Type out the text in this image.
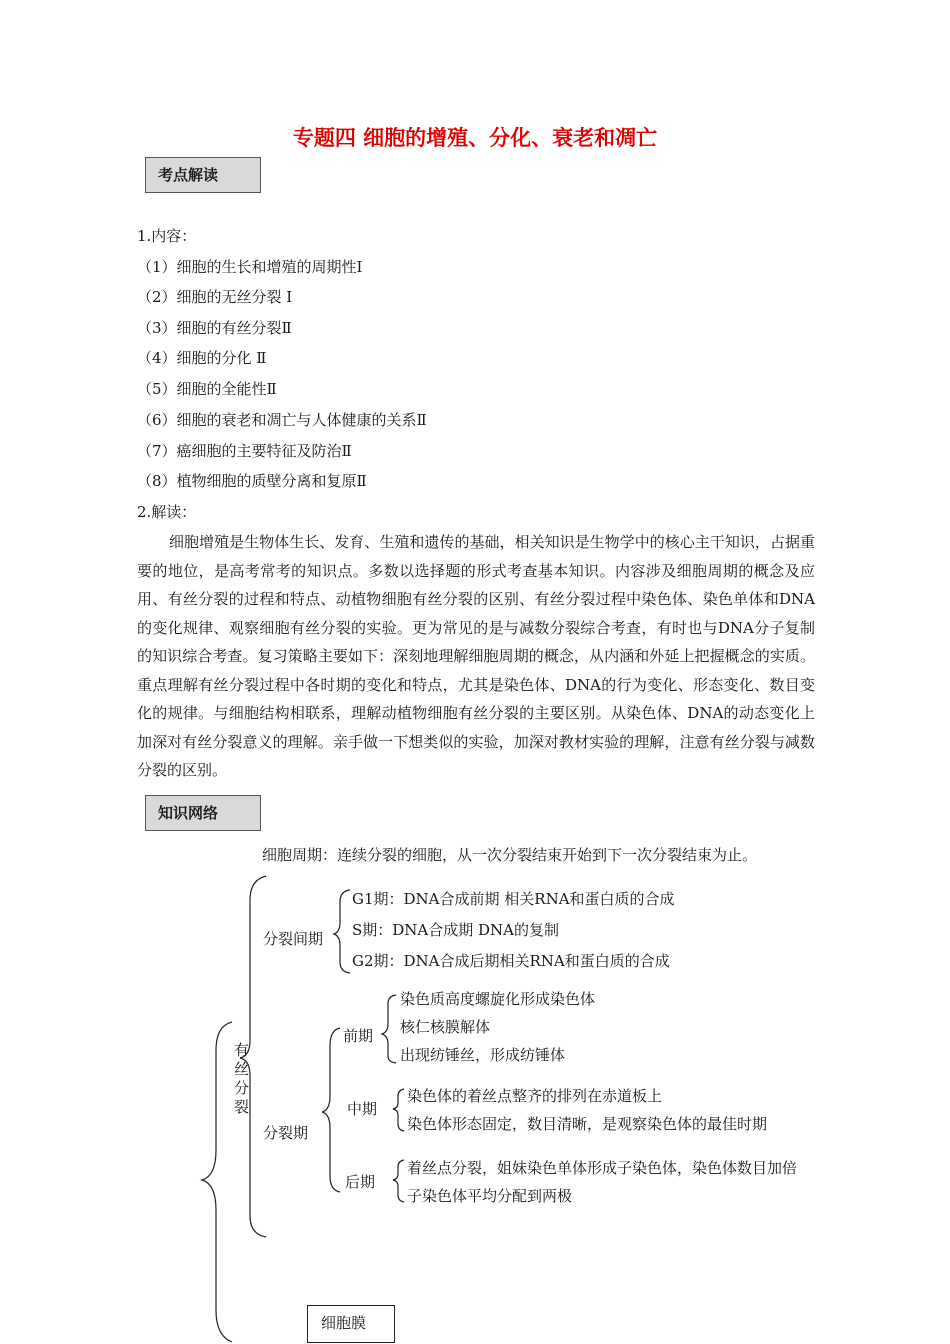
专题四 细胞的增殖、分化、衰老和凋亡
考点解读
1.内容：
（1）细胞的生长和增殖的周期性Ⅰ
（2）细胞的无丝分裂 Ⅰ
（3）细胞的有丝分裂Ⅱ
（4）细胞的分化 Ⅱ
（5）细胞的全能性Ⅱ
（6）细胞的衰老和凋亡与人体健康的关系Ⅱ
（7）癌细胞的主要特征及防治Ⅱ
（8）植物细胞的质壁分离和复原Ⅱ
2.解读：
细胞增殖是生物体生长、发育、生殖和遗传的基础，相关知识是生物学中的核心主干知识，占据重要的地位，是高考常考的知识点。多数以选择题的形式考查基本知识。内容涉及细胞周期的概念及应用、有丝分裂的过程和特点、动植物细胞有丝分裂的区别、有丝分裂过程中染色体、染色单体和DNA的变化规律、观察细胞有丝分裂的实验。更为常见的是与减数分裂综合考查，有时也与DNA分子复制的知识综合考查。复习策略主要如下：深刻地理解细胞周期的概念，从内涵和外延上把握概念的实质。重点理解有丝分裂过程中各时期的变化和特点，尤其是染色体、DNA的行为变化、形态变化、数目变化的规律。与细胞结构相联系，理解动植物细胞有丝分裂的主要区别。从染色体、DNA的动态变化上加深对有丝分裂意义的理解。亲手做一下想类似的实验，加深对教材实验的理解，注意有丝分裂与减数分裂的区别。
知识网络
细胞周期：连续分裂的细胞，从一次分裂结束开始到下一次分裂结束为止。
有丝分裂
分裂间期
G1期：DNA合成前期 相关RNA和蛋白质的合成
S期：DNA合成期 DNA的复制
G2期：DNA合成后期相关RNA和蛋白质的合成
分裂期
前期
染色质高度螺旋化形成染色体
核仁核膜解体
出现纺锤丝，形成纺锤体
中期
染色体的着丝点整齐的排列在赤道板上
染色体形态固定，数目清晰，是观察染色体的最佳时期
后期
着丝点分裂，姐妹染色单体形成子染色体，染色体数目加倍
子染色体平均分配到两极
细胞膜
